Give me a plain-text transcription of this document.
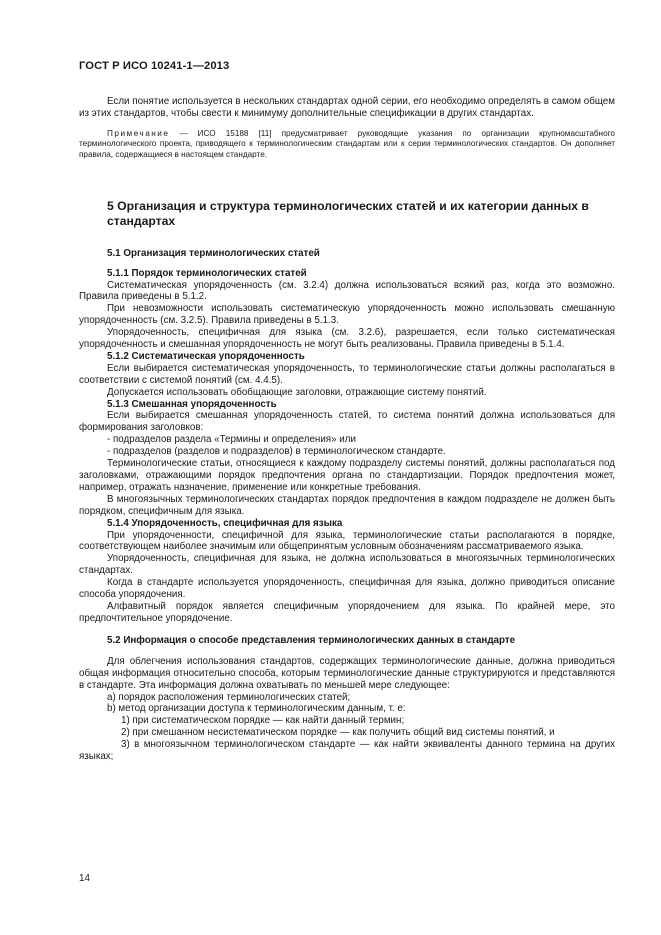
ГОСТ Р ИСО 10241-1—2013

Если понятие используется в нескольких стандартах одной серии, его необходимо определять в самом общем из этих стандартов, чтобы свести к минимуму дополнительные спецификации в других стандартах.

Примечание — ИСО 15188 [11] предусматривает руководящие указания по организации крупномасштабного терминологического проекта, приводящего к терминологическим стандартам или к серии терминологических стандартов. Он дополняет правила, содержащиеся в настоящем стандарте.

5 Организация и структура терминологических статей и их категории данных в стандартах
5.1 Организация терминологических статей
5.1.1 Порядок терминологических статей

Систематическая упорядоченность (см. 3.2.4) должна использоваться всякий раз, когда это возможно. Правила приведены в 5.1.2.

При невозможности использовать систематическую упорядоченность можно использовать смешанную упорядоченность (см. 3.2.5). Правила приведены в 5.1.3.

Упорядоченность, специфичная для языка (см. 3.2.6), разрешается, если только систематическая упорядоченность и смешанная упорядоченность не могут быть реализованы. Правила приведены в 5.1.4.

5.1.2 Систематическая упорядоченность

Если выбирается систематическая упорядоченность, то терминологические статьи должны располагаться в соответствии с системой понятий (см. 4.4.5).

Допускается использовать обобщающие заголовки, отражающие систему понятий.

5.1.3 Смешанная упорядоченность

Если выбирается смешанная упорядоченность статей, то система понятий должна использоваться для формирования заголовков:

- подразделов раздела «Термины и определения» или

- подразделов (разделов и подразделов) в терминологическом стандарте.

Терминологические статьи, относящиеся к каждому подразделу системы понятий, должны располагаться под заголовками, отражающими порядок предпочтения органа по стандартизации. Порядок предпочтения может, например, отражать назначение, применение или конкретные требования.

В многоязычных терминологических стандартах порядок предпочтения в каждом подразделе не должен быть порядком, специфичным для языка.

5.1.4 Упорядоченность, специфичная для языка

При упорядоченности, специфичной для языка, терминологические статьи располагаются в порядке, соответствующем наиболее значимым или общепринятым условным обозначениям рассматриваемого языка.

Упорядоченность, специфичная для языка, не должна использоваться в многоязычных терминологических стандартах.

Когда в стандарте используется упорядоченность, специфичная для языка, должно приводиться описание способа упорядочения.

Алфавитный порядок является специфичным упорядочением для языка. По крайней мере, это предпочтительное упорядочение.

5.2 Информация о способе представления терминологических данных в стандарте

Для облегчения использования стандартов, содержащих терминологические данные, должна приводиться общая информация относительно способа, которым терминологические данные структурируются и представляются в стандарте. Эта информация должна охватывать по меньшей мере следующее:

а) порядок расположения терминологических статей;

b) метод организации доступа к терминологическим данным, т. е:

1) при систематическом порядке — как найти данный термин;

2) при смешанном несистематическом порядке — как получить общий вид системы понятий, и

3) в многоязычном терминологическом стандарте — как найти эквиваленты данного термина на других языках;

14
